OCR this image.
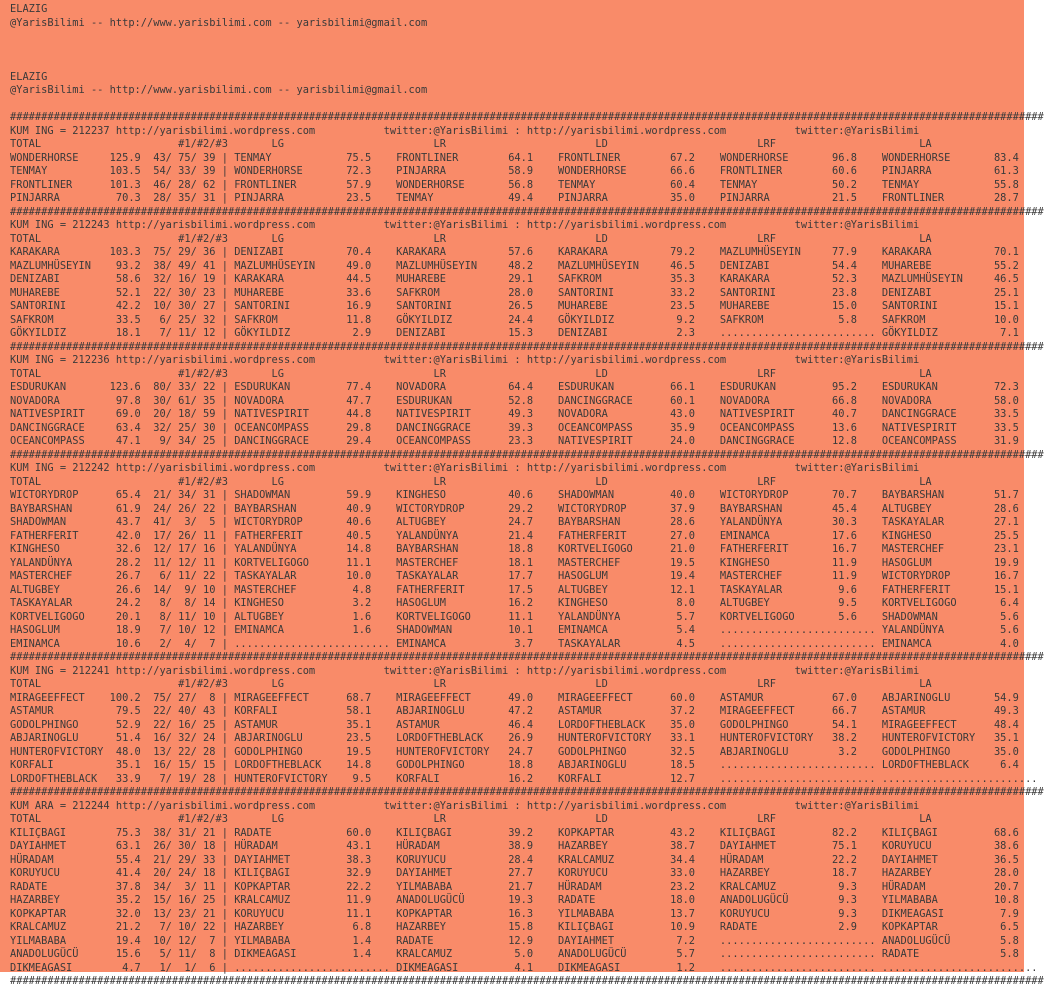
ELAZIG
@YarisBilimi -- http://www.yarisbilimi.com -- yarisbilimi@gmail.com
ELAZIG
@YarisBilimi -- http://www.yarisbilimi.com -- yarisbilimi@gmail.com
######################################################################################################################################################################
KUM ING = 212237 http://yarisbilimi.wordpress.com           twitter:@YarisBilimi : http://yarisbilimi.wordpress.com           twitter:@YarisBilimi
TOTAL                      #1/#2/#3       LG                        LR                        LD                        LRF                       LA
WONDERHORSE     125.9  43/ 75/ 39 | TENMAY            75.5    FRONTLINER        64.1    FRONTLINER        67.2    WONDERHORSE       96.8    WONDERHORSE       83.4
TENMAY          103.5  54/ 33/ 39 | WONDERHORSE       72.3    PINJARRA          58.9    WONDERHORSE       66.6    FRONTLINER        60.6    PINJARRA          61.3
FRONTLINER      101.3  46/ 28/ 62 | FRONTLINER        57.9    WONDERHORSE       56.8    TENMAY            60.4    TENMAY            50.2    TENMAY            55.8
PINJARRA         70.3  28/ 35/ 31 | PINJARRA          23.5    TENMAY            49.4    PINJARRA          35.0    PINJARRA          21.5    FRONTLINER        28.7
######################################################################################################################################################################
KUM ING = 212243 http://yarisbilimi.wordpress.com           twitter:@YarisBilimi : http://yarisbilimi.wordpress.com           twitter:@YarisBilimi
TOTAL                      #1/#2/#3       LG                        LR                        LD                        LRF                       LA
KARAKARA        103.3  75/ 29/ 36 | DENIZABI          70.4    KARAKARA          57.6    KARAKARA          79.2    MAZLUMHÜSEYIN     77.9    KARAKARA          70.1
MAZLUMHÜSEYIN    93.2  38/ 49/ 41 | MAZLUMHÜSEYIN     49.0    MAZLUMHÜSEYIN     48.2    MAZLUMHÜSEYIN     46.5    DENIZABI          54.4    MUHAREBE          55.2
DENIZABI         58.6  32/ 16/ 19 | KARAKARA          44.5    MUHAREBE          29.1    SAFKROM           35.3    KARAKARA          52.3    MAZLUMHÜSEYIN     46.5
MUHAREBE         52.1  22/ 30/ 23 | MUHAREBE          33.6    SAFKROM           28.0    SANTORINI         33.2    SANTORINI         23.8    DENIZABI          25.1
SANTORINI        42.2  10/ 30/ 27 | SANTORINI         16.9    SANTORINI         26.5    MUHAREBE          23.5    MUHAREBE          15.0    SANTORINI         15.1
SAFKROM          33.5   6/ 25/ 32 | SAFKROM           11.8    GÖKYILDIZ         24.4    GÖKYILDIZ          9.2    SAFKROM            5.8    SAFKROM           10.0
GÖKYILDIZ        18.1   7/ 11/ 12 | GÖKYILDIZ          2.9    DENIZABI          15.3    DENIZABI           2.3    ......................... GÖKYILDIZ          7.1
######################################################################################################################################################################
KUM ING = 212236 http://yarisbilimi.wordpress.com           twitter:@YarisBilimi : http://yarisbilimi.wordpress.com           twitter:@YarisBilimi
TOTAL                      #1/#2/#3       LG                        LR                        LD                        LRF                       LA
ESDURUKAN       123.6  80/ 33/ 22 | ESDURUKAN         77.4    NOVADORA          64.4    ESDURUKAN         66.1    ESDURUKAN         95.2    ESDURUKAN         72.3
NOVADORA         97.8  30/ 61/ 35 | NOVADORA          47.7    ESDURUKAN         52.8    DANCINGGRACE      60.1    NOVADORA          66.8    NOVADORA          58.0
NATIVESPIRIT     69.0  20/ 18/ 59 | NATIVESPIRIT      44.8    NATIVESPIRIT      49.3    NOVADORA          43.0    NATIVESPIRIT      40.7    DANCINGGRACE      33.5
DANCINGGRACE     63.4  32/ 25/ 30 | OCEANCOMPASS      29.8    DANCINGGRACE      39.3    OCEANCOMPASS      35.9    OCEANCOMPASS      13.6    NATIVESPIRIT      33.5
OCEANCOMPASS     47.1   9/ 34/ 25 | DANCINGGRACE      29.4    OCEANCOMPASS      23.3    NATIVESPIRIT      24.0    DANCINGGRACE      12.8    OCEANCOMPASS      31.9
######################################################################################################################################################################
KUM ING = 212242 http://yarisbilimi.wordpress.com           twitter:@YarisBilimi : http://yarisbilimi.wordpress.com           twitter:@YarisBilimi
TOTAL                      #1/#2/#3       LG                        LR                        LD                        LRF                       LA
WICTORYDROP      65.4  21/ 34/ 31 | SHADOWMAN         59.9    KINGHESO          40.6    SHADOWMAN         40.0    WICTORYDROP       70.7    BAYBARSHAN        51.7
BAYBARSHAN       61.9  24/ 26/ 22 | BAYBARSHAN        40.9    WICTORYDROP       29.2    WICTORYDROP       37.9    BAYBARSHAN        45.4    ALTUGBEY          28.6
SHADOWMAN        43.7  41/  3/  5 | WICTORYDROP       40.6    ALTUGBEY          24.7    BAYBARSHAN        28.6    YALANDÜNYA        30.3    TASKAYALAR        27.1
FATHERFERIT      42.0  17/ 26/ 11 | FATHERFERIT       40.5    YALANDÜNYA        21.4    FATHERFERIT       27.0    EMINAMCA          17.6    KINGHESO          25.5
KINGHESO         32.6  12/ 17/ 16 | YALANDÜNYA        14.8    BAYBARSHAN        18.8    KORTVELIGOGO      21.0    FATHERFERIT       16.7    MASTERCHEF        23.1
YALANDÜNYA       28.2  11/ 12/ 11 | KORTVELIGOGO      11.1    MASTERCHEF        18.1    MASTERCHEF        19.5    KINGHESO          11.9    HASOGLUM          19.9
MASTERCHEF       26.7   6/ 11/ 22 | TASKAYALAR        10.0    TASKAYALAR        17.7    HASOGLUM          19.4    MASTERCHEF        11.9    WICTORYDROP       16.7
ALTUGBEY         26.6  14/  9/ 10 | MASTERCHEF         4.8    FATHERFERIT       17.5    ALTUGBEY          12.1    TASKAYALAR         9.6    FATHERFERIT       15.1
TASKAYALAR       24.2   8/  8/ 14 | KINGHESO           3.2    HASOGLUM          16.2    KINGHESO           8.0    ALTUGBEY           9.5    KORTVELIGOGO       6.4
KORTVELIGOGO     20.1   8/ 11/ 10 | ALTUGBEY           1.6    KORTVELIGOGO      11.1    YALANDÜNYA         5.7    KORTVELIGOGO       5.6    SHADOWMAN          5.6
HASOGLUM         18.9   7/ 10/ 12 | EMINAMCA           1.6    SHADOWMAN         10.1    EMINAMCA           5.4    ......................... YALANDÜNYA         5.6
EMINAMCA         10.6   2/  4/  7 | ......................... EMINAMCA           3.7    TASKAYALAR         4.5    ......................... EMINAMCA           4.0
######################################################################################################################################################################
KUM ING = 212241 http://yarisbilimi.wordpress.com           twitter:@YarisBilimi : http://yarisbilimi.wordpress.com           twitter:@YarisBilimi
TOTAL                      #1/#2/#3       LG                        LR                        LD                        LRF                       LA
MIRAGEEFFECT    100.2  75/ 27/  8 | MIRAGEEFFECT      68.7    MIRAGEEFFECT      49.0    MIRAGEEFFECT      60.0    ASTAMUR           67.0    ABJARINOGLU       54.9
ASTAMUR          79.5  22/ 40/ 43 | KORFALI           58.1    ABJARINOGLU       47.2    ASTAMUR           37.2    MIRAGEEFFECT      66.7    ASTAMUR           49.3
GODOLPHINGO      52.9  22/ 16/ 25 | ASTAMUR           35.1    ASTAMUR           46.4    LORDOFTHEBLACK    35.0    GODOLPHINGO       54.1    MIRAGEEFFECT      48.4
ABJARINOGLU      51.4  16/ 32/ 24 | ABJARINOGLU       23.5    LORDOFTHEBLACK    26.9    HUNTEROFVICTORY   33.1    HUNTEROFVICTORY   38.2    HUNTEROFVICTORY   35.1
HUNTEROFVICTORY  48.0  13/ 22/ 28 | GODOLPHINGO       19.5    HUNTEROFVICTORY   24.7    GODOLPHINGO       32.5    ABJARINOGLU        3.2    GODOLPHINGO       35.0
KORFALI          35.1  16/ 15/ 15 | LORDOFTHEBLACK    14.8    GODOLPHINGO       18.8    ABJARINOGLU       18.5    ......................... LORDOFTHEBLACK     6.4
LORDOFTHEBLACK   33.9   7/ 19/ 28 | HUNTEROFVICTORY    9.5    KORFALI           16.2    KORFALI           12.7    ......................... .........................
######################################################################################################################################################################
KUM ARA = 212244 http://yarisbilimi.wordpress.com           twitter:@YarisBilimi : http://yarisbilimi.wordpress.com           twitter:@YarisBilimi
TOTAL                      #1/#2/#3       LG                        LR                        LD                        LRF                       LA
KILIÇBAGI        75.3  38/ 31/ 21 | RADATE            60.0    KILIÇBAGI         39.2    KOPKAPTAR         43.2    KILIÇBAGI         82.2    KILIÇBAGI         68.6
DAYIAHMET        63.1  26/ 30/ 18 | HÜRADAM           43.1    HÜRADAM           38.9    HAZARBEY          38.7    DAYIAHMET         75.1    KORUYUCU          38.6
HÜRADAM          55.4  21/ 29/ 33 | DAYIAHMET         38.3    KORUYUCU          28.4    KRALCAMUZ         34.4    HÜRADAM           22.2    DAYIAHMET         36.5
KORUYUCU         41.4  20/ 24/ 18 | KILIÇBAGI         32.9    DAYIAHMET         27.7    KORUYUCU          33.0    HAZARBEY          18.7    HAZARBEY          28.0
RADATE           37.8  34/  3/ 11 | KOPKAPTAR         22.2    YILMABABA         21.7    HÜRADAM           23.2    KRALCAMUZ          9.3    HÜRADAM           20.7
HAZARBEY         35.2  15/ 16/ 25 | KRALCAMUZ         11.9    ANADOLUGÜCÜ       19.3    RADATE            18.0    ANADOLUGÜCÜ        9.3    YILMABABA         10.8
KOPKAPTAR        32.0  13/ 23/ 21 | KORUYUCU          11.1    KOPKAPTAR         16.3    YILMABABA         13.7    KORUYUCU           9.3    DIKMEAGASI         7.9
KRALCAMUZ        21.2   7/ 10/ 22 | HAZARBEY           6.8    HAZARBEY          15.8    KILIÇBAGI         10.9    RADATE             2.9    KOPKAPTAR          6.5
YILMABABA        19.4  10/ 12/  7 | YILMABABA          1.4    RADATE            12.9    DAYIAHMET          7.2    ......................... ANADOLUGÜCÜ        5.8
ANADOLUGÜCÜ      15.6   5/ 11/  8 | DIKMEAGASI         1.4    KRALCAMUZ          5.0    ANADOLUGÜCÜ        5.7    ......................... RADATE             5.8
DIKMEAGASI        4.7   1/  1/  6 | ......................... DIKMEAGASI         4.1    DIKMEAGASI         1.2    ......................... .........................
######################################################################################################################################################################
